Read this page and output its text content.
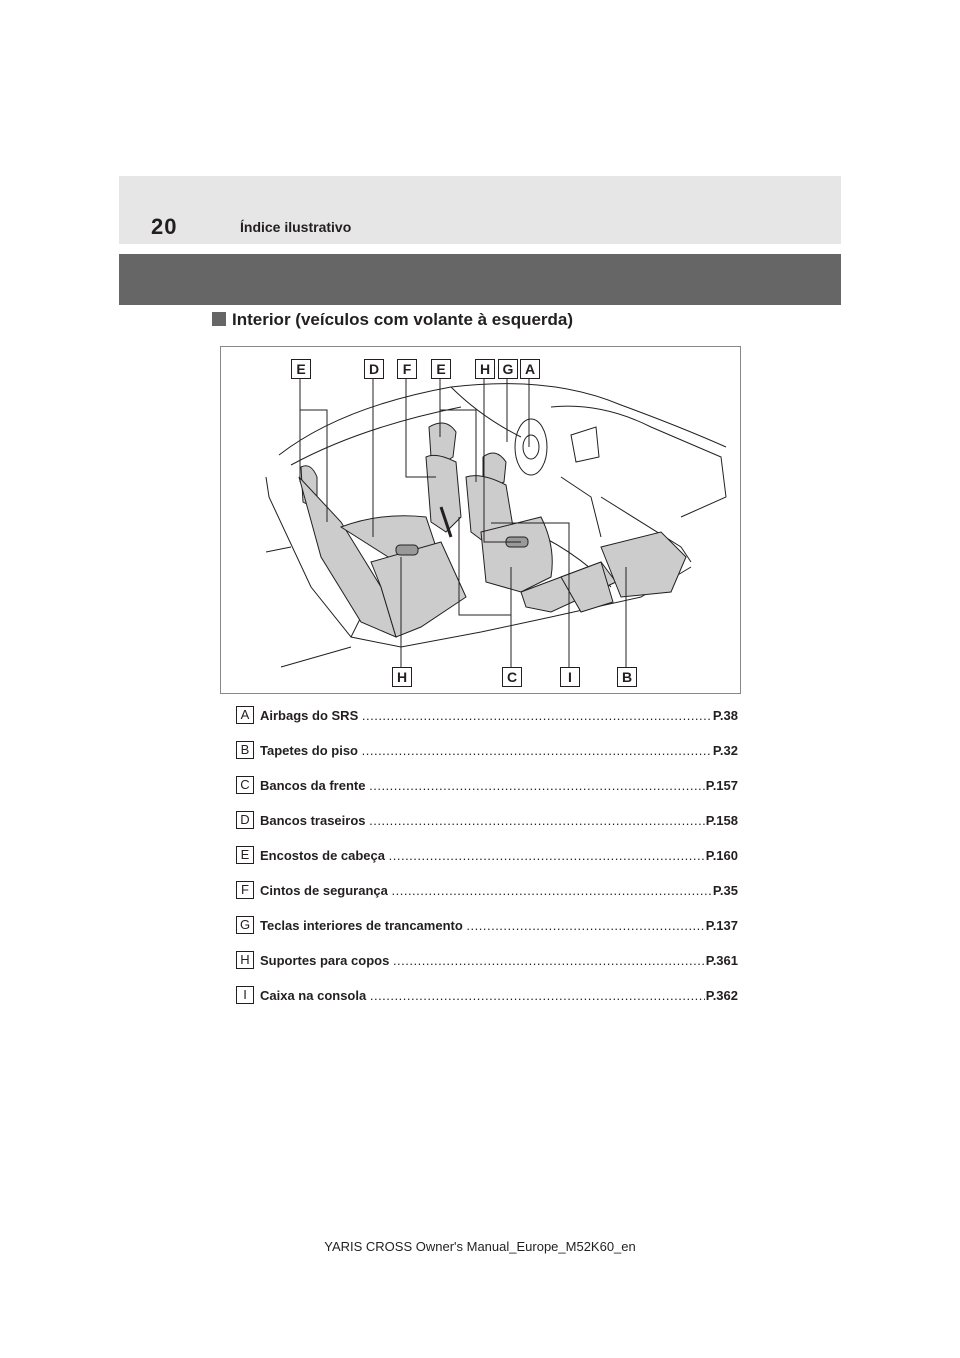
20	Índice ilustrativo
Interior (veículos com volante à esquerda)
E	D	F	E	H G A
H	C	I	B
A Airbags do SRS
.....	P.38
B Tapetes do piso
.....	P.32
C Bancos da frente
.....	P.157
D Bancos traseiros
.....	P.158
E Encostos de cabeça
.....	P.160
F Cintos de segurança
.....	P.35
G Teclas interiores de trancamento
.....	P.137
H Suportes para copos
.....	P.361
I	Caixa na consola
.....	P.362
YARIS CROSS Owner's Manual_Europe_M52K60_en
